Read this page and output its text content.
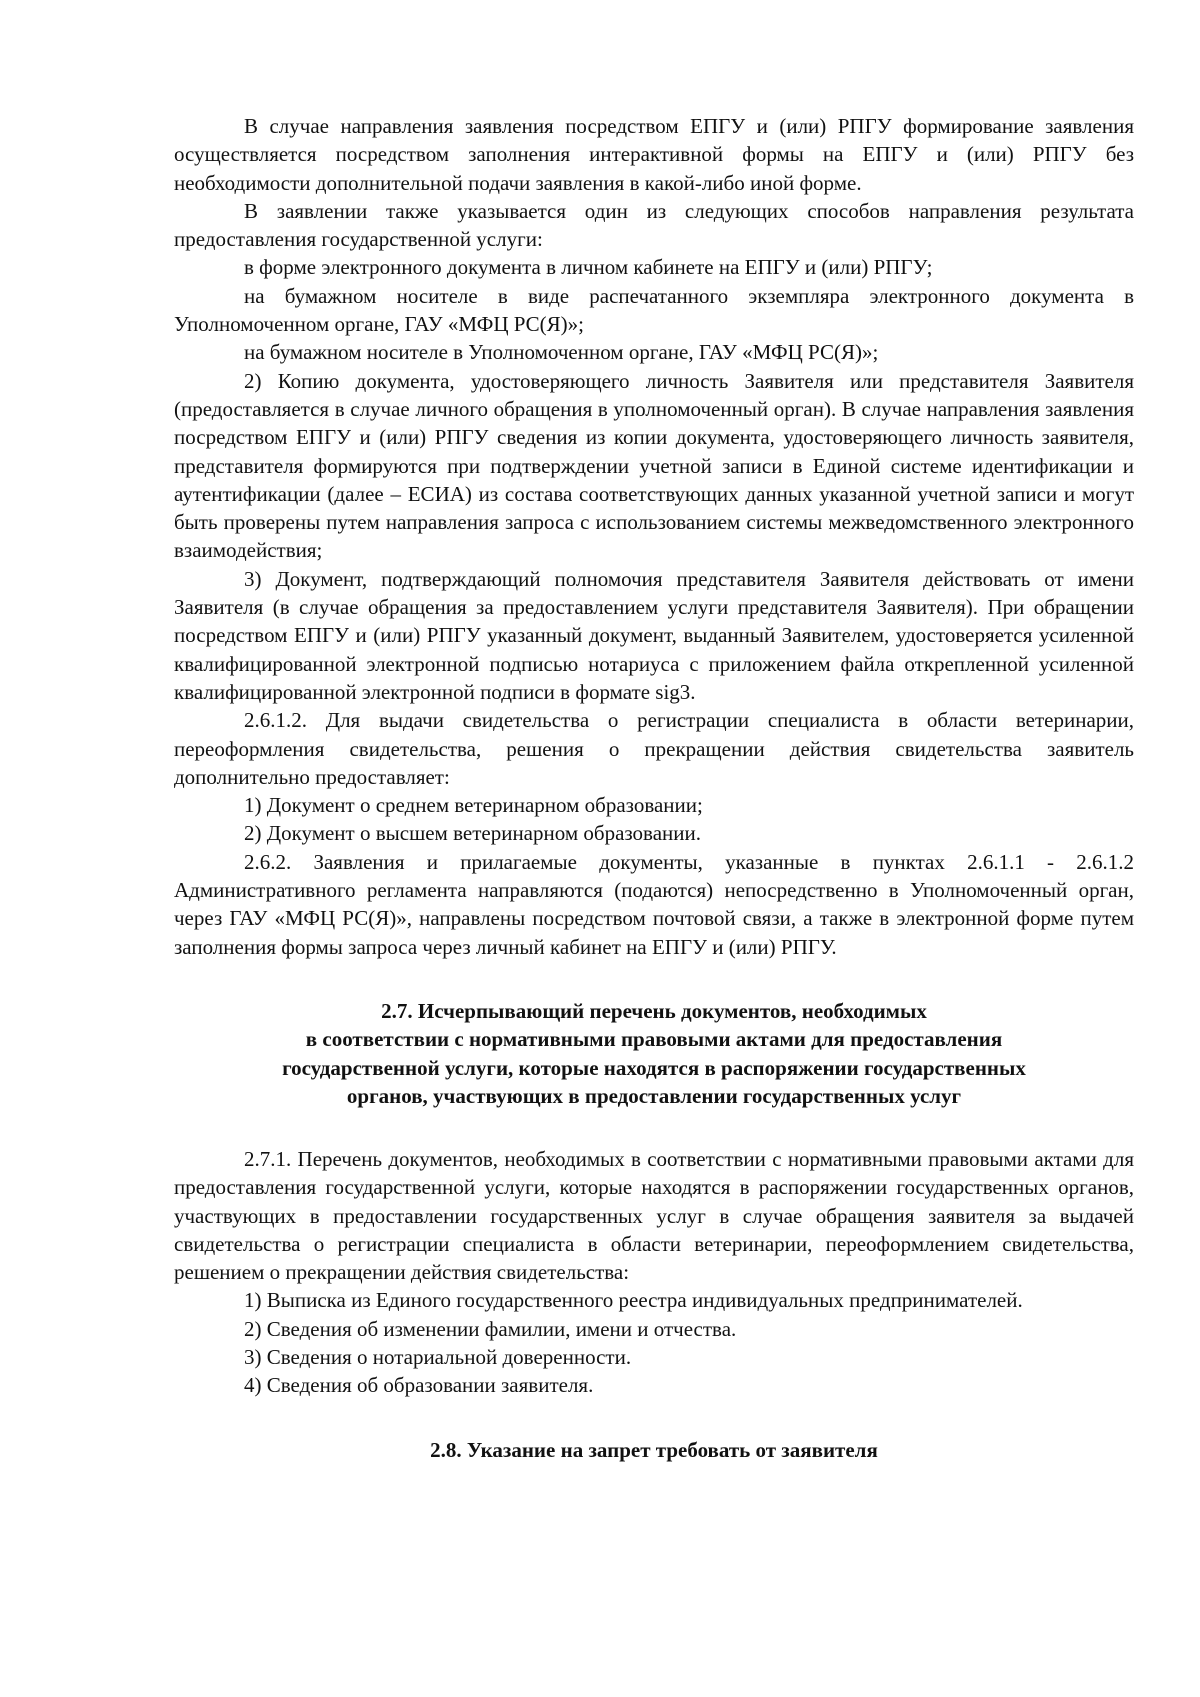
В случае направления заявления посредством ЕПГУ и (или) РПГУ формирование заявления осуществляется посредством заполнения интерактивной формы на ЕПГУ и (или) РПГУ без необходимости дополнительной подачи заявления в какой-либо иной форме.

В заявлении также указывается один из следующих способов направления результата предоставления государственной услуги:

в форме электронного документа в личном кабинете на ЕПГУ и (или) РПГУ;

на бумажном носителе в виде распечатанного экземпляра электронного документа в Уполномоченном органе, ГАУ «МФЦ РС(Я)»;

на бумажном носителе в Уполномоченном органе, ГАУ «МФЦ РС(Я)»;

2) Копию документа, удостоверяющего личность Заявителя или представителя Заявителя (предоставляется в случае личного обращения в уполномоченный орган). В случае направления заявления посредством ЕПГУ и (или) РПГУ сведения из копии документа, удостоверяющего личность заявителя, представителя формируются при подтверждении учетной записи в Единой системе идентификации и аутентификации (далее – ЕСИА) из состава соответствующих данных указанной учетной записи и могут быть проверены путем направления запроса с использованием системы межведомственного электронного взаимодействия;

3) Документ, подтверждающий полномочия представителя Заявителя действовать от имени Заявителя (в случае обращения за предоставлением услуги представителя Заявителя). При обращении посредством ЕПГУ и (или) РПГУ указанный документ, выданный Заявителем, удостоверяется усиленной квалифицированной электронной подписью нотариуса с приложением файла открепленной усиленной квалифицированной электронной подписи в формате sig3.

2.6.1.2. Для выдачи свидетельства о регистрации специалиста в области ветеринарии, переоформления свидетельства, решения о прекращении действия свидетельства заявитель дополнительно предоставляет:

1) Документ о среднем ветеринарном образовании;

2) Документ о высшем ветеринарном образовании.

2.6.2. Заявления и прилагаемые документы, указанные в пунктах 2.6.1.1 - 2.6.1.2 Административного регламента направляются (подаются) непосредственно в Уполномоченный орган, через ГАУ «МФЦ РС(Я)», направлены посредством почтовой связи, а также в электронной форме путем заполнения формы запроса через личный кабинет на ЕПГУ и (или) РПГУ.

2.7. Исчерпывающий перечень документов, необходимых
в соответствии с нормативными правовыми актами для предоставления
государственной услуги, которые находятся в распоряжении государственных
органов, участвующих в предоставлении государственных услуг

2.7.1. Перечень документов, необходимых в соответствии с нормативными правовыми актами для предоставления государственной услуги, которые находятся в распоряжении государственных органов, участвующих в предоставлении государственных услуг в случае обращения заявителя за выдачей свидетельства о регистрации специалиста в области ветеринарии, переоформлением свидетельства, решением о прекращении действия свидетельства:

1) Выписка из Единого государственного реестра индивидуальных предпринимателей.

2) Сведения об изменении фамилии, имени и отчества.

3) Сведения о нотариальной доверенности.

4) Сведения об образовании заявителя.

2.8. Указание на запрет требовать от заявителя
